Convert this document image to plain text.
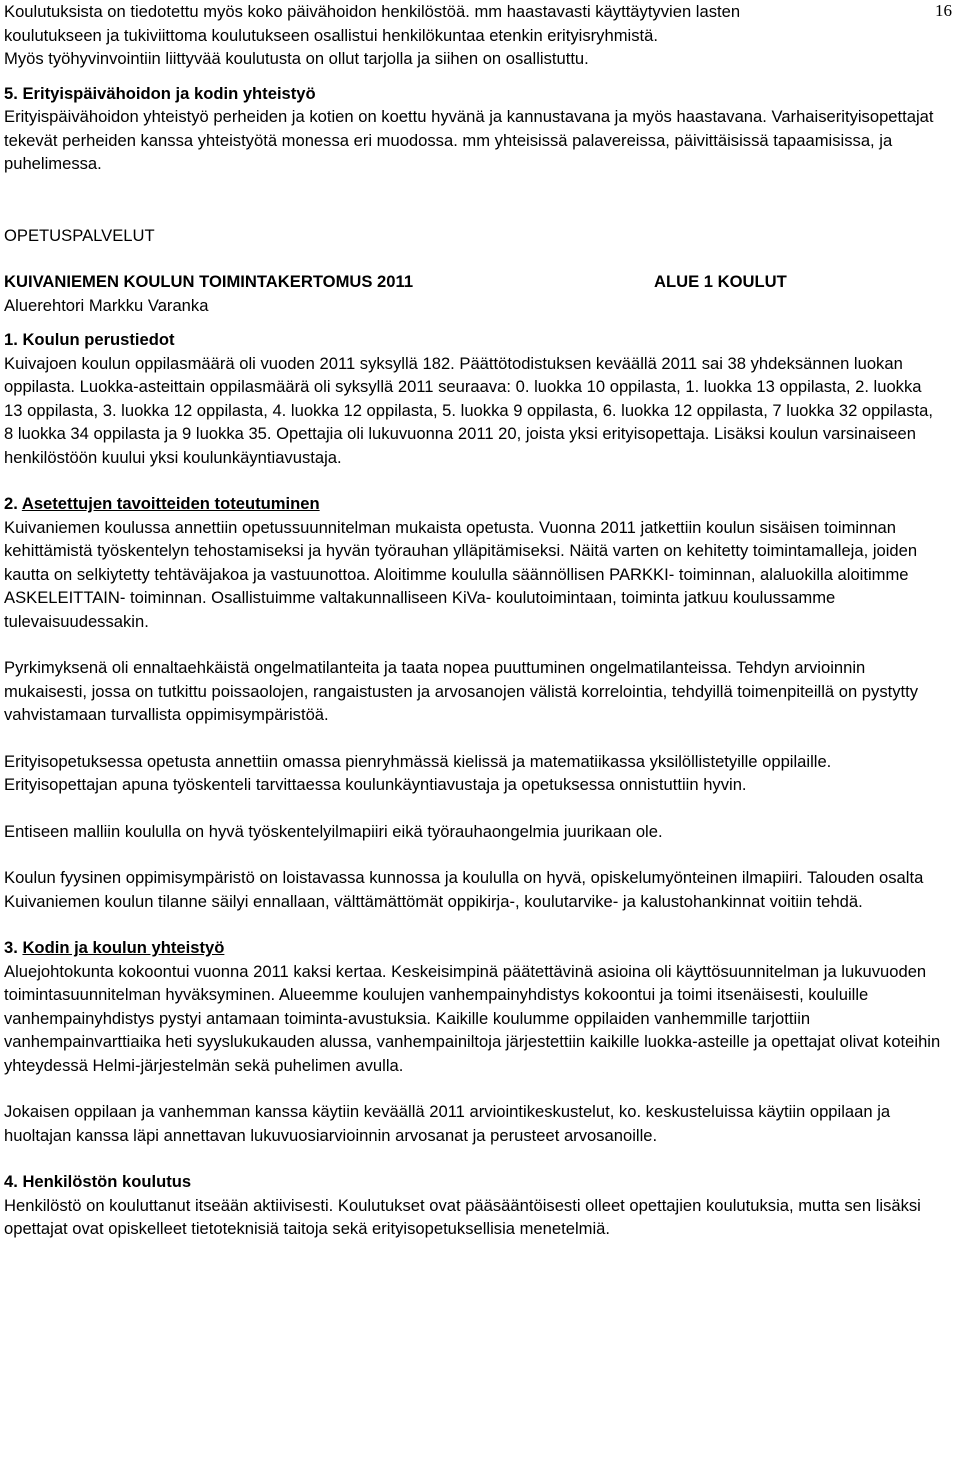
16

Koulutuksista on tiedotettu myös koko päivähoidon henkilöstöä. mm haastavasti käyttäytyvien lasten

koulutukseen ja tukiviittoma koulutukseen osallistui henkilökuntaa etenkin erityisryhmistä.

Myös työhyvinvointiin liittyvää koulutusta on ollut tarjolla ja siihen on osallistuttu.

5. Erityispäivähoidon ja kodin yhteistyö

Erityispäivähoidon yhteistyö perheiden ja kotien on koettu hyvänä ja kannustavana ja myös haastavana. Varhaiserityisopettajat tekevät perheiden kanssa yhteistyötä monessa eri muodossa. mm yhteisissä palavereissa, päivittäisissä tapaamisissa, ja puhelimessa.

OPETUSPALVELUT

KUIVANIEMEN KOULUN TOIMINTAKERTOMUS 2011

Aluerehtori Markku Varanka

ALUE 1 KOULUT

1. Koulun perustiedot

Kuivajoen koulun oppilasmäärä oli vuoden 2011 syksyllä 182. Päättötodistuksen keväällä 2011 sai 38 yhdeksännen luokan oppilasta. Luokka-asteittain oppilasmäärä oli syksyllä 2011 seuraava: 0. luokka 10 oppilasta, 1. luokka 13 oppilasta, 2. luokka 13 oppilasta, 3. luokka 12 oppilasta, 4. luokka 12 oppilasta, 5. luokka 9 oppilasta, 6. luokka 12 oppilasta, 7 luokka 32 oppilasta, 8 luokka 34 oppilasta ja 9 luokka 35. Opettajia oli lukuvuonna 2011 20, joista yksi erityisopettaja. Lisäksi koulun varsinaiseen henkilöstöön kuului yksi koulunkäyntiavustaja.

2. Asetettujen tavoitteiden toteutuminen

Kuivaniemen koulussa annettiin opetussuunnitelman mukaista opetusta. Vuonna 2011 jatkettiin koulun sisäisen toiminnan kehittämistä työskentelyn tehostamiseksi ja hyvän työrauhan ylläpitämiseksi. Näitä varten on kehitetty toimintamalleja, joiden kautta on selkiytetty tehtäväjakoa ja vastuunottoa. Aloitimme koululla säännöllisen PARKKI- toiminnan, alaluokilla aloitimme ASKELEITTAIN- toiminnan. Osallistuimme valtakunnalliseen KiVa- koulutoimintaan, toiminta jatkuu koulussamme tulevaisuudessakin.

Pyrkimyksenä oli ennaltaehkäistä ongelmatilanteita ja taata nopea puuttuminen ongelmatilanteissa. Tehdyn arvioinnin mukaisesti, jossa on tutkittu poissaolojen, rangaistusten ja arvosanojen välistä korrelointia, tehdyillä toimenpiteillä on pystytty vahvistamaan turvallista oppimisympäristöä.

Erityisopetuksessa opetusta annettiin omassa pienryhmässä kielissä ja matematiikassa yksilöllistetyille oppilaille. Erityisopettajan apuna työskenteli tarvittaessa koulunkäyntiavustaja ja opetuksessa onnistuttiin hyvin.

Entiseen malliin koululla on hyvä työskentelyilmapiiri eikä työrauhaongelmia juurikaan ole.

Koulun fyysinen oppimisympäristö on loistavassa kunnossa ja koululla on hyvä, opiskelumyönteinen ilmapiiri. Talouden osalta Kuivaniemen koulun tilanne säilyi ennallaan, välttämättömät oppikirja-, koulutarvike- ja kalustohankinnat voitiin tehdä.

3. Kodin ja koulun yhteistyö

Aluejohtokunta kokoontui vuonna 2011 kaksi kertaa. Keskeisimpinä päätettävinä asioina oli käyttösuunnitelman ja lukuvuoden toimintasuunnitelman hyväksyminen. Alueemme koulujen vanhempainyhdistys kokoontui ja toimi itsenäisesti, kouluille vanhempainyhdistys pystyi antamaan toiminta-avustuksia. Kaikille koulumme oppilaiden vanhemmille tarjottiin vanhempainvarttiaika heti syyslukukauden alussa, vanhempainiltoja järjestettiin kaikille luokka-asteille ja opettajat olivat koteihin yhteydessä Helmi-järjestelmän sekä puhelimen avulla.

Jokaisen oppilaan ja vanhemman kanssa käytiin keväällä 2011 arviointikeskustelut, ko. keskusteluissa käytiin oppilaan ja huoltajan kanssa läpi annettavan lukuvuosiarvioinnin arvosanat ja perusteet arvosanoille.

4. Henkilöstön koulutus

Henkilöstö on kouluttanut itseään aktiivisesti. Koulutukset ovat pääsääntöisesti olleet opettajien koulutuksia, mutta sen lisäksi opettajat ovat opiskelleet tietoteknisiä taitoja sekä erityisopetuksellisia menetelmiä.
